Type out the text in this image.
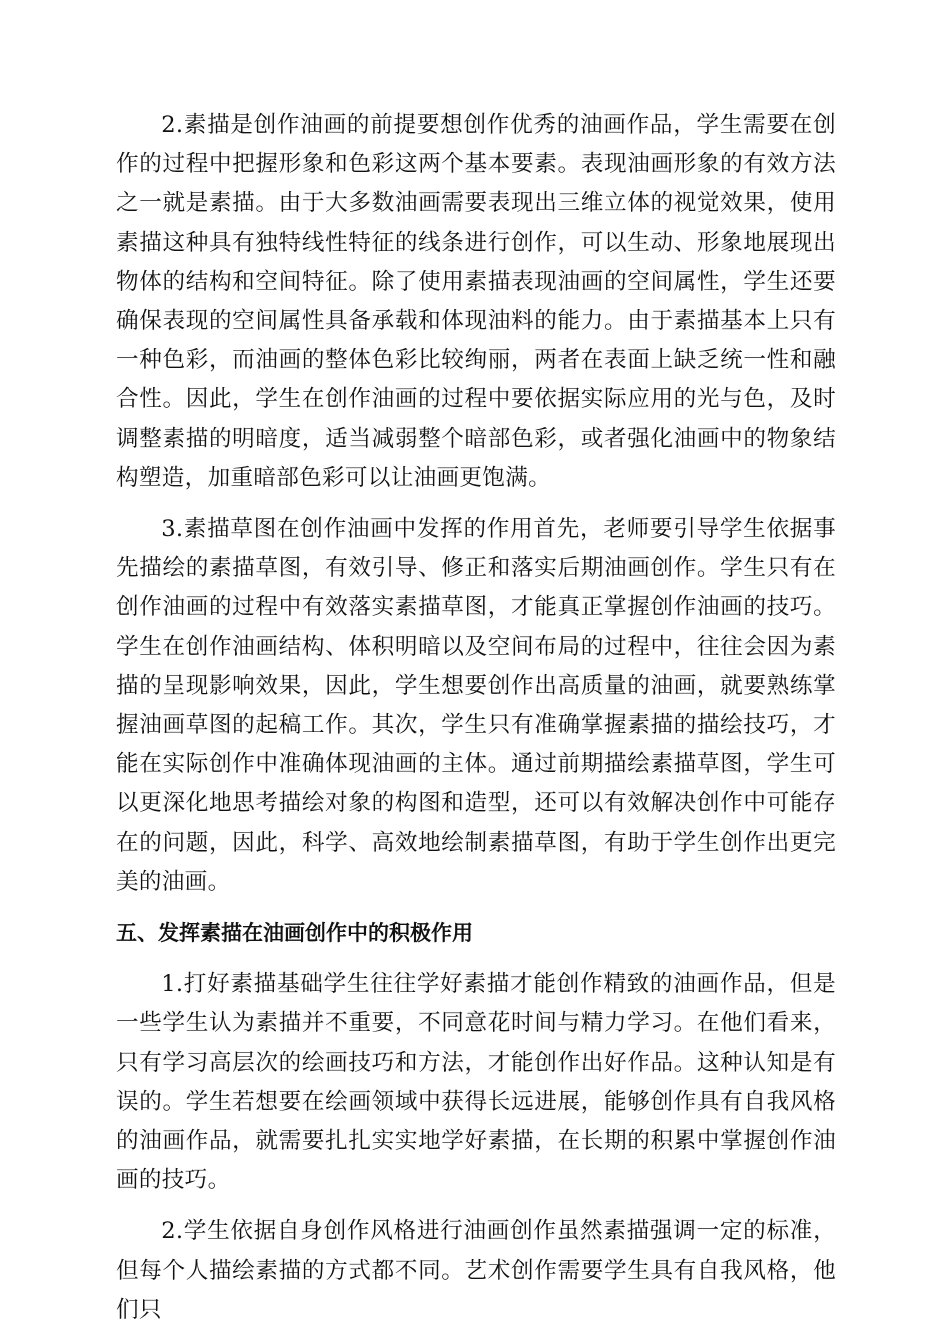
2.素描是创作油画的前提要想创作优秀的油画作品，学生需要在创作的过程中把握形象和色彩这两个基本要素。表现油画形象的有效方法之一就是素描。由于大多数油画需要表现出三维立体的视觉效果，使用素描这种具有独特线性特征的线条进行创作，可以生动、形象地展现出物体的结构和空间特征。除了使用素描表现油画的空间属性，学生还要确保表现的空间属性具备承载和体现油料的能力。由于素描基本上只有一种色彩，而油画的整体色彩比较绚丽，两者在表面上缺乏统一性和融合性。因此，学生在创作油画的过程中要依据实际应用的光与色，及时调整素描的明暗度，适当减弱整个暗部色彩，或者强化油画中的物象结构塑造，加重暗部色彩可以让油画更饱满。

3.素描草图在创作油画中发挥的作用首先，老师要引导学生依据事先描绘的素描草图，有效引导、修正和落实后期油画创作。学生只有在创作油画的过程中有效落实素描草图，才能真正掌握创作油画的技巧。学生在创作油画结构、体积明暗以及空间布局的过程中，往往会因为素描的呈现影响效果，因此，学生想要创作出高质量的油画，就要熟练掌握油画草图的起稿工作。其次，学生只有准确掌握素描的描绘技巧，才能在实际创作中准确体现油画的主体。通过前期描绘素描草图，学生可以更深化地思考描绘对象的构图和造型，还可以有效解决创作中可能存在的问题，因此，科学、高效地绘制素描草图，有助于学生创作出更完美的油画。

五、发挥素描在油画创作中的积极作用

1.打好素描基础学生往往学好素描才能创作精致的油画作品，但是一些学生认为素描并不重要，不同意花时间与精力学习。在他们看来，只有学习高层次的绘画技巧和方法，才能创作出好作品。这种认知是有误的。学生若想要在绘画领域中获得长远进展，能够创作具有自我风格的油画作品，就需要扎扎实实地学好素描，在长期的积累中掌握创作油画的技巧。

2.学生依据自身创作风格进行油画创作虽然素描强调一定的标准，但每个人描绘素描的方式都不同。艺术创作需要学生具有自我风格，他们只
